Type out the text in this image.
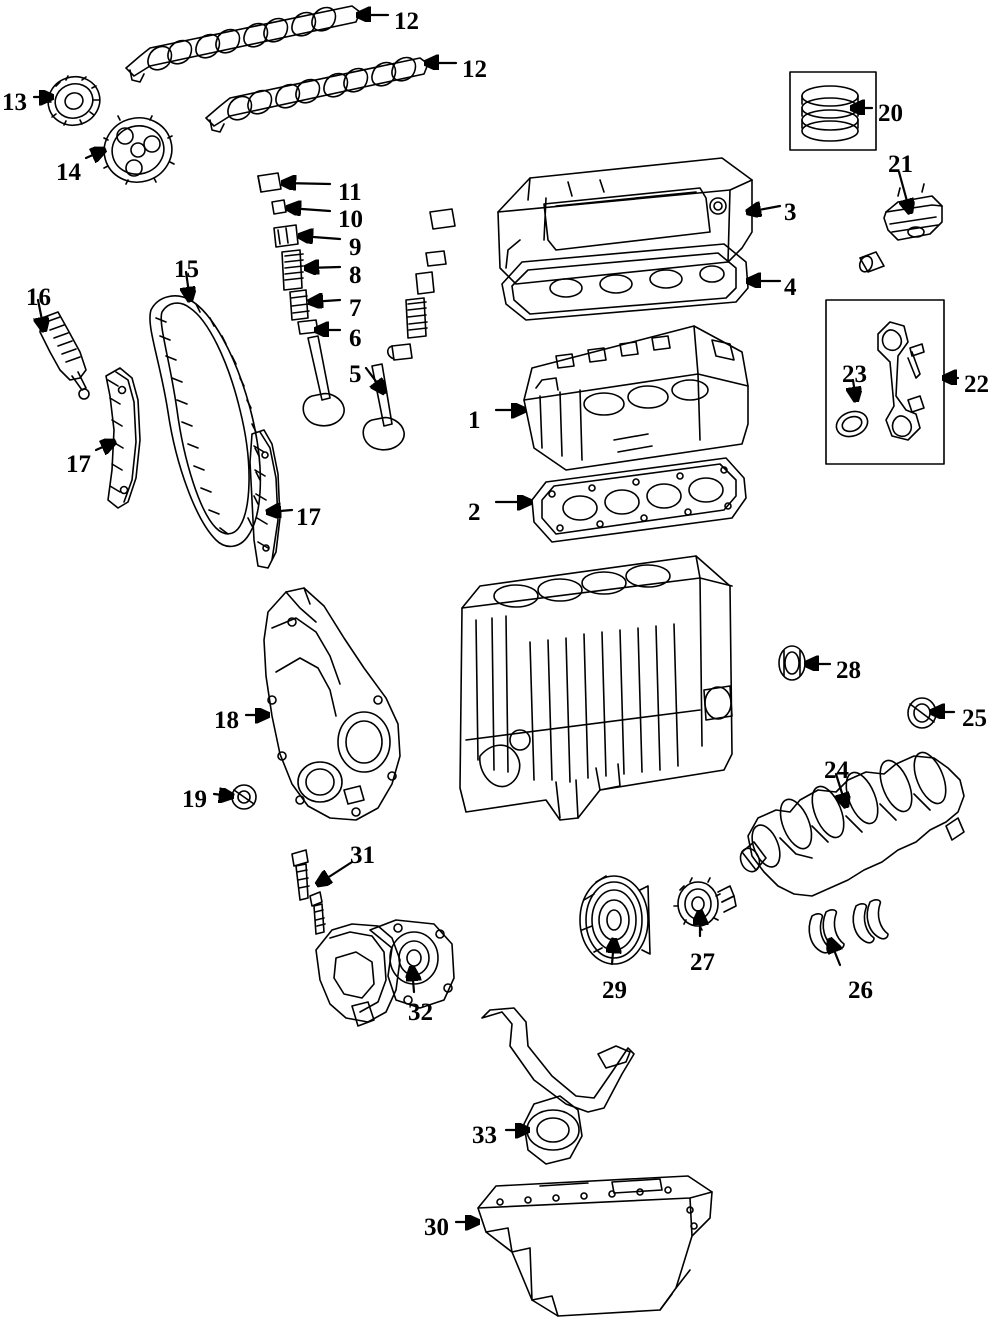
1
2
3
4
5
6
7
8
9
10
11
12
12
13
14
15
16
17
17
18
19
20
21
22
23
24
25
26
27
28
29
30
31
32
33
